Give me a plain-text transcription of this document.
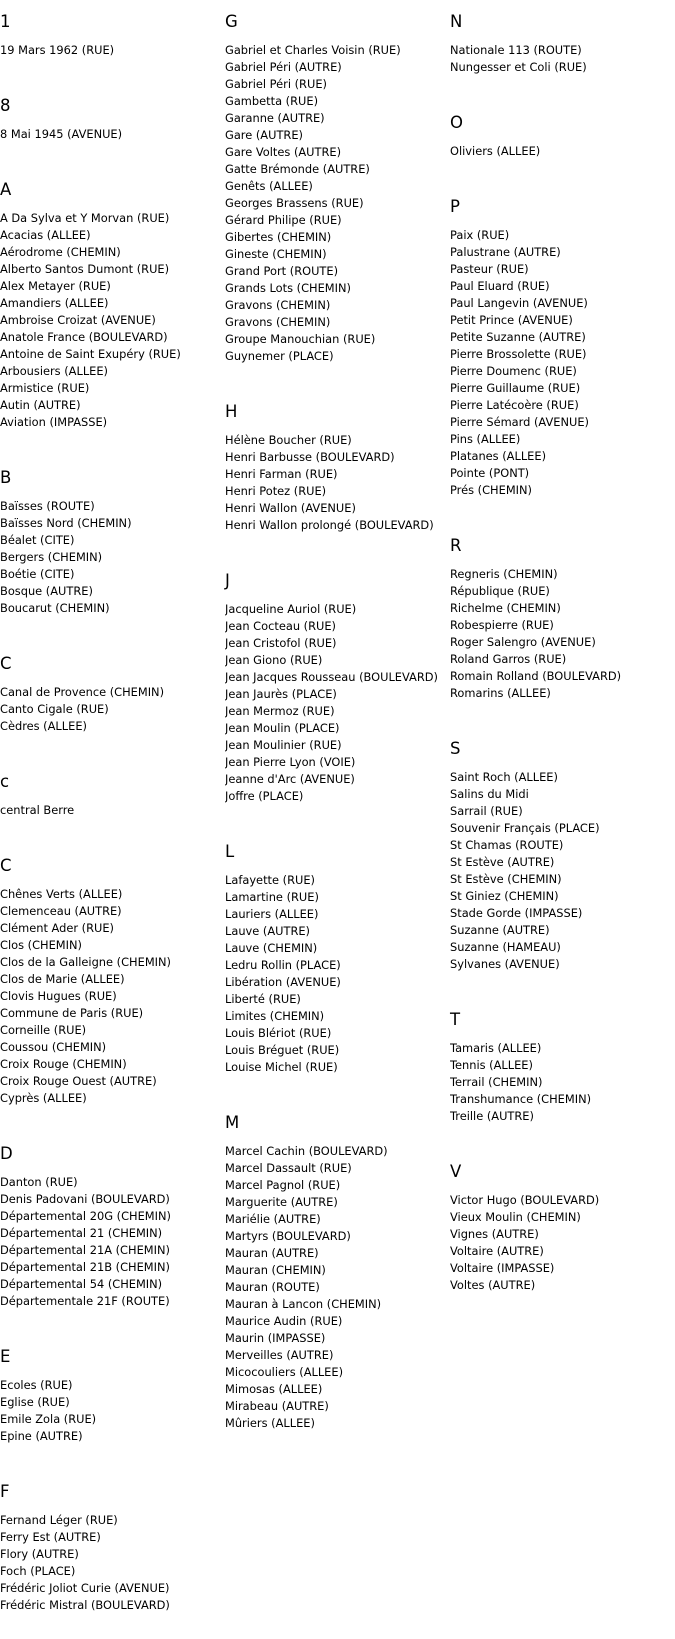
1
19 Mars 1962 (RUE)
8
8 Mai 1945 (AVENUE)
A
A Da Sylva et Y Morvan (RUE)
Acacias (ALLEE)
Aérodrome (CHEMIN)
Alberto Santos Dumont (RUE)
Alex Metayer (RUE)
Amandiers (ALLEE)
Ambroise Croizat (AVENUE)
Anatole France (BOULEVARD)
Antoine de Saint Exupéry (RUE)
Arbousiers (ALLEE)
Armistice (RUE)
Autin (AUTRE)
Aviation (IMPASSE)
B
Baïsses (ROUTE)
Baïsses Nord (CHEMIN)
Béalet (CITE)
Bergers (CHEMIN)
Boétie (CITE)
Bosque (AUTRE)
Boucarut (CHEMIN)
C
Canal de Provence (CHEMIN)
Canto Cigale (RUE)
Cèdres (ALLEE)
c
central Berre
C
Chênes Verts (ALLEE)
Clemenceau (AUTRE)
Clément Ader (RUE)
Clos (CHEMIN)
Clos de la Galleigne (CHEMIN)
Clos de Marie (ALLEE)
Clovis Hugues (RUE)
Commune de Paris (RUE)
Corneille (RUE)
Coussou (CHEMIN)
Croix Rouge (CHEMIN)
Croix Rouge Ouest (AUTRE)
Cyprès (ALLEE)
D
Danton (RUE)
Denis Padovani (BOULEVARD)
Départemental 20G (CHEMIN)
Départemental 21 (CHEMIN)
Départemental 21A (CHEMIN)
Départemental 21B (CHEMIN)
Départemental 54 (CHEMIN)
Départementale 21F (ROUTE)
E
Ecoles (RUE)
Eglise (RUE)
Emile Zola (RUE)
Epine (AUTRE)
F
Fernand Léger (RUE)
Ferry Est (AUTRE)
Flory (AUTRE)
Foch (PLACE)
Frédéric Joliot Curie (AVENUE)
Frédéric Mistral (BOULEVARD)
G
Gabriel et Charles Voisin (RUE)
Gabriel Péri (AUTRE)
Gabriel Péri (RUE)
Gambetta (RUE)
Garanne (AUTRE)
Gare (AUTRE)
Gare Voltes (AUTRE)
Gatte Brémonde (AUTRE)
Genêts (ALLEE)
Georges Brassens (RUE)
Gérard Philipe (RUE)
Gibertes (CHEMIN)
Gineste (CHEMIN)
Grand Port (ROUTE)
Grands Lots (CHEMIN)
Gravons (CHEMIN)
Gravons (CHEMIN)
Groupe Manouchian (RUE)
Guynemer (PLACE)
H
Hélène Boucher (RUE)
Henri Barbusse (BOULEVARD)
Henri Farman (RUE)
Henri Potez (RUE)
Henri Wallon (AVENUE)
Henri Wallon prolongé (BOULEVARD)
J
Jacqueline Auriol (RUE)
Jean Cocteau (RUE)
Jean Cristofol (RUE)
Jean Giono (RUE)
Jean Jacques Rousseau (BOULEVARD)
Jean Jaurès (PLACE)
Jean Mermoz (RUE)
Jean Moulin (PLACE)
Jean Moulinier (RUE)
Jean Pierre Lyon (VOIE)
Jeanne d'Arc (AVENUE)
Joffre (PLACE)
L
Lafayette (RUE)
Lamartine (RUE)
Lauriers (ALLEE)
Lauve (AUTRE)
Lauve (CHEMIN)
Ledru Rollin (PLACE)
Libération (AVENUE)
Liberté (RUE)
Limites (CHEMIN)
Louis Blériot (RUE)
Louis Bréguet (RUE)
Louise Michel (RUE)
M
Marcel Cachin (BOULEVARD)
Marcel Dassault (RUE)
Marcel Pagnol (RUE)
Marguerite (AUTRE)
Mariélie (AUTRE)
Martyrs (BOULEVARD)
Mauran (AUTRE)
Mauran (CHEMIN)
Mauran (ROUTE)
Mauran à Lancon (CHEMIN)
Maurice Audin (RUE)
Maurin (IMPASSE)
Merveilles (AUTRE)
Micocouliers (ALLEE)
Mimosas (ALLEE)
Mirabeau (AUTRE)
Mûriers (ALLEE)
N
Nationale 113 (ROUTE)
Nungesser et Coli (RUE)
O
Oliviers (ALLEE)
P
Paix (RUE)
Palustrane (AUTRE)
Pasteur (RUE)
Paul Eluard (RUE)
Paul Langevin (AVENUE)
Petit Prince (AVENUE)
Petite Suzanne (AUTRE)
Pierre Brossolette (RUE)
Pierre Doumenc (RUE)
Pierre Guillaume (RUE)
Pierre Latécoère (RUE)
Pierre Sémard (AVENUE)
Pins (ALLEE)
Platanes (ALLEE)
Pointe (PONT)
Prés (CHEMIN)
R
Regneris (CHEMIN)
République (RUE)
Richelme (CHEMIN)
Robespierre (RUE)
Roger Salengro (AVENUE)
Roland Garros (RUE)
Romain Rolland (BOULEVARD)
Romarins (ALLEE)
S
Saint Roch (ALLEE)
Salins du Midi
Sarrail (RUE)
Souvenir Français (PLACE)
St Chamas (ROUTE)
St Estève (AUTRE)
St Estève (CHEMIN)
St Giniez (CHEMIN)
Stade Gorde (IMPASSE)
Suzanne (AUTRE)
Suzanne (HAMEAU)
Sylvanes (AVENUE)
T
Tamaris (ALLEE)
Tennis (ALLEE)
Terrail (CHEMIN)
Transhumance (CHEMIN)
Treille (AUTRE)
V
Victor Hugo (BOULEVARD)
Vieux Moulin (CHEMIN)
Vignes (AUTRE)
Voltaire (AUTRE)
Voltaire (IMPASSE)
Voltes (AUTRE)
